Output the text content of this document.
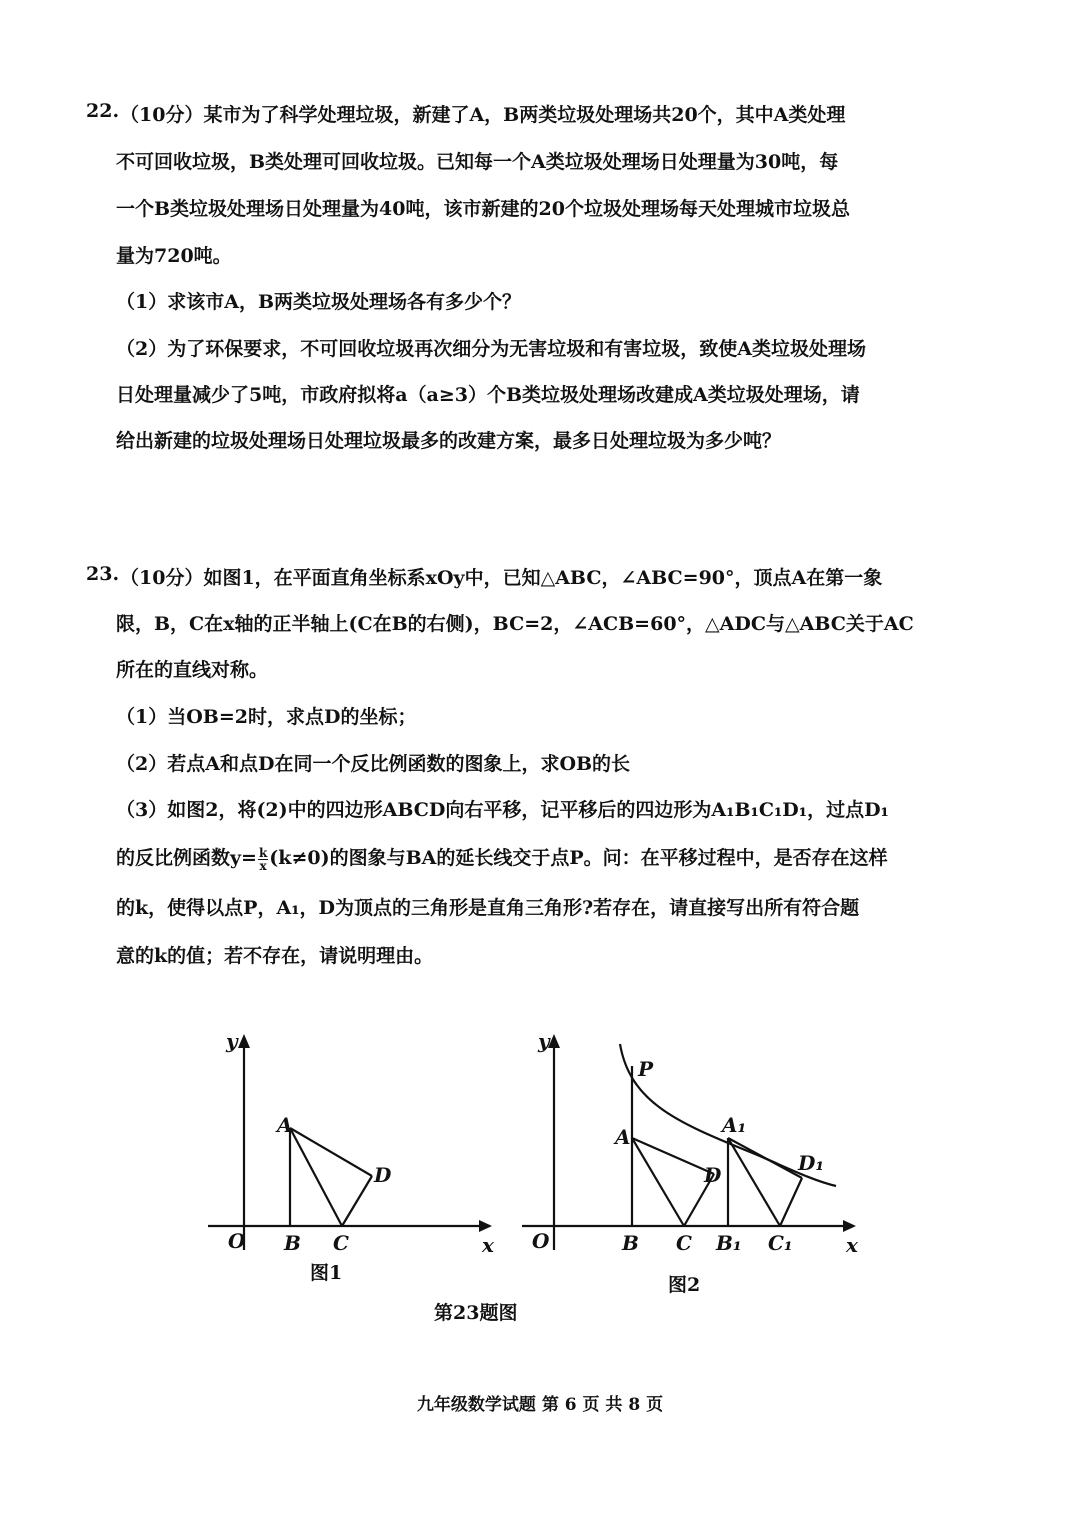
22. （10分）某市为了科学处理垃圾，新建了A，B两类垃圾处理场共20个，其中A类处理
不可回收垃圾，B类处理可回收垃圾。已知每一个A类垃圾处理场日处理量为30吨，每
一个B类垃圾处理场日处理量为40吨，该市新建的20个垃圾处理场每天处理城市垃圾总
量为720吨。
（1）求该市A，B两类垃圾处理场各有多少个？
（2）为了环保要求，不可回收垃圾再次细分为无害垃圾和有害垃圾，致使A类垃圾处理场
日处理量减少了5吨，市政府拟将a（a≥3）个B类垃圾处理场改建成A类垃圾处理场，请
给出新建的垃圾处理场日处理垃圾最多的改建方案，最多日处理垃圾为多少吨？
23. （10分）如图1，在平面直角坐标系xOy中，已知△ABC，∠ABC=90°，顶点A在第一象
限，B，C在x轴的正半轴上(C在B的右侧)，BC=2，∠ACB=60°，△ADC与△ABC关于AC
所在的直线对称。
（1）当OB=2时，求点D的坐标；
（2）若点A和点D在同一个反比例函数的图象上，求OB的长
（3）如图2，将(2)中的四边形ABCD向右平移，记平移后的四边形为A₁B₁C₁D₁，过点D₁
的反比例函数$y= \frac{k}{x} (k\ne 0)$的图象与BA的延长线交于点P。问：在平移过程中，是否存在这样
的k，使得以点P，A₁，D为顶点的三角形是直角三角形?若存在，请直接写出所有符合题
意的k的值；若不存在，请说明理由。
y
x
O
A
B C
D
y
x
O
P
A
B C
D
A₁
B₁ C₁
D₁
图1
图2
第23题图
九年级数学试题 第 6 页 共 8 页
